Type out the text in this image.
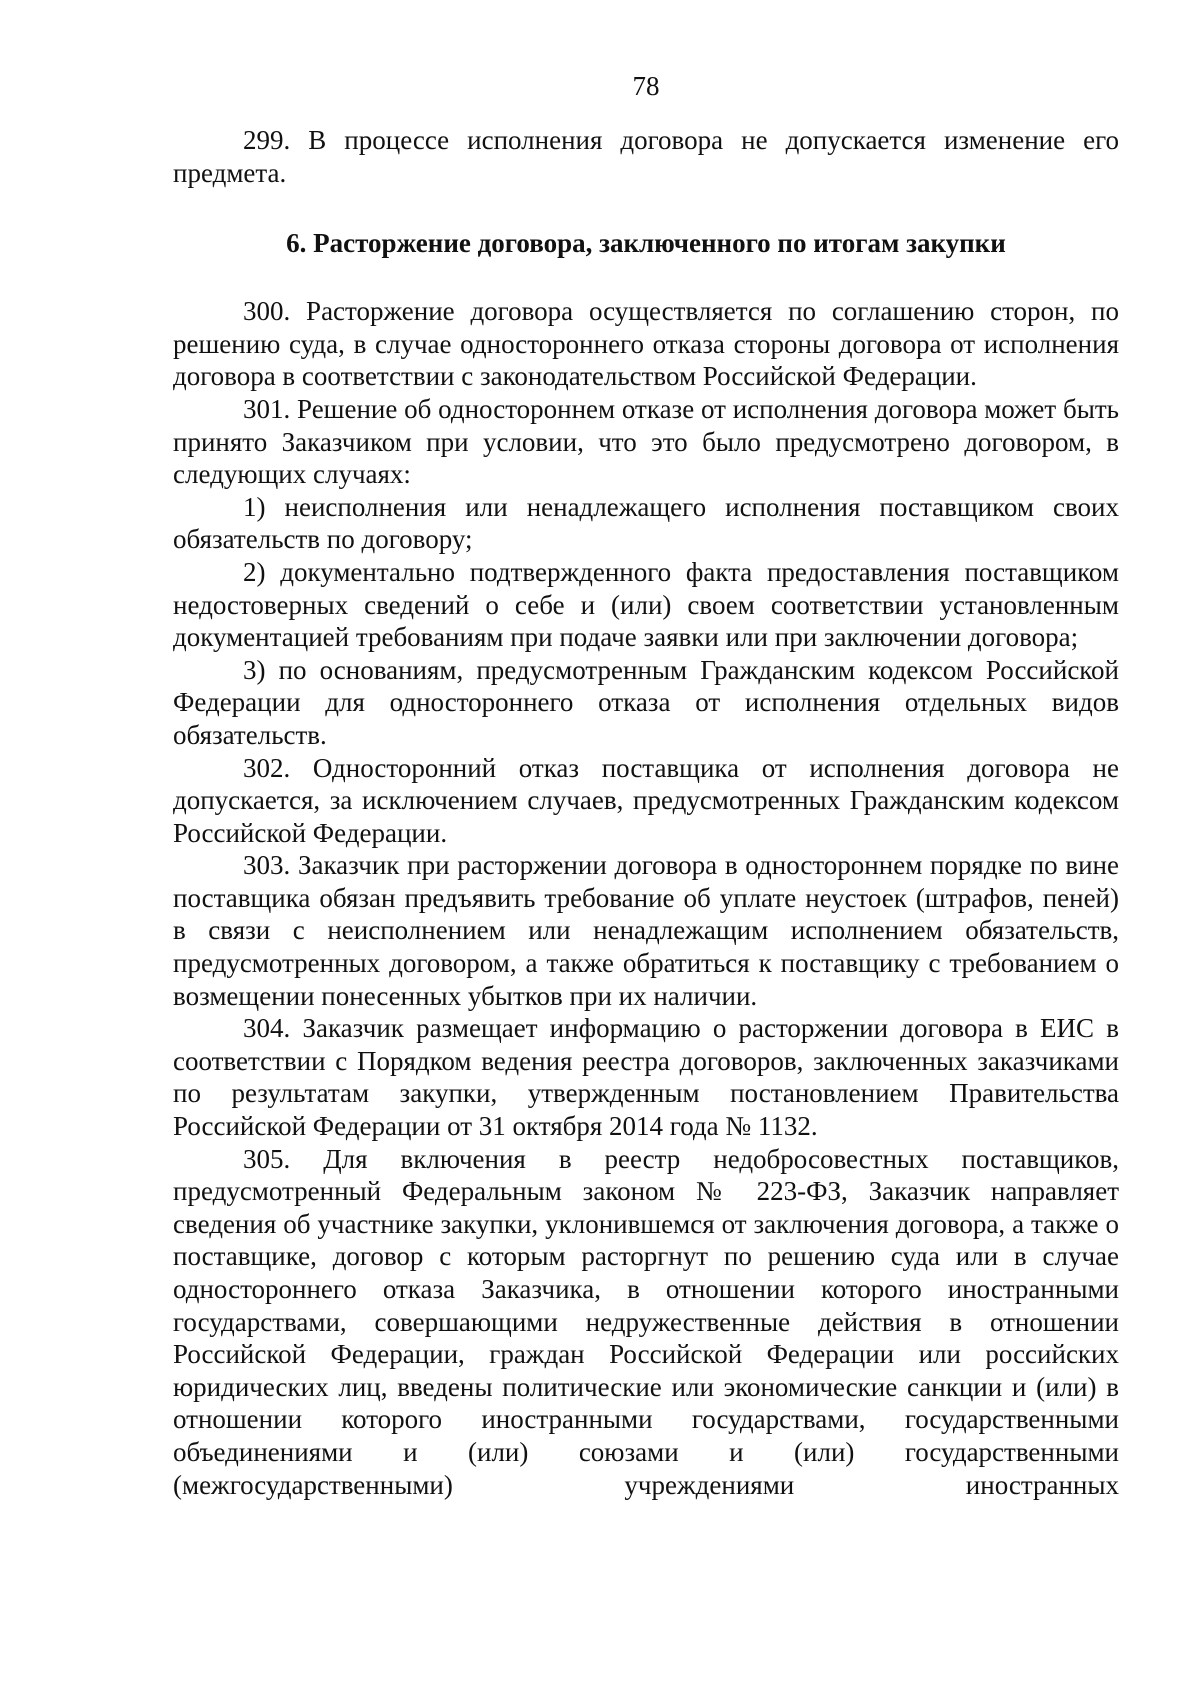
78

299. В процессе исполнения договора не допускается изменение его предмета.

6. Расторжение договора, заключенного по итогам закупки

300. Расторжение договора осуществляется по соглашению сторон, по решению суда, в случае одностороннего отказа стороны договора от исполнения договора в соответствии с законодательством Российской Федерации.

301. Решение об одностороннем отказе от исполнения договора может быть принято Заказчиком при условии, что это было предусмотрено договором, в следующих случаях:

1) неисполнения или ненадлежащего исполнения поставщиком своих обязательств по договору;

2) документально подтвержденного факта предоставления поставщиком недостоверных сведений о себе и (или) своем соответствии установленным документацией требованиям при подаче заявки или при заключении договора;

3) по основаниям, предусмотренным Гражданским кодексом Российской Федерации для одностороннего отказа от исполнения отдельных видов обязательств.

302. Односторонний отказ поставщика от исполнения договора не допускается, за исключением случаев, предусмотренных Гражданским кодексом Российской Федерации.

303. Заказчик при расторжении договора в одностороннем порядке по вине поставщика обязан предъявить требование об уплате неустоек (штрафов, пеней) в связи с неисполнением или ненадлежащим исполнением обязательств, предусмотренных договором, а также обратиться к поставщику с требованием о возмещении понесенных убытков при их наличии.

304. Заказчик размещает информацию о расторжении договора в ЕИС в соответствии с Порядком ведения реестра договоров, заключенных заказчиками по результатам закупки, утвержденным постановлением Правительства Российской Федерации от 31 октября 2014 года № 1132.

305. Для включения в реестр недобросовестных поставщиков, предусмотренный Федеральным законом № 223-ФЗ, Заказчик направляет сведения об участнике закупки, уклонившемся от заключения договора, а также о поставщике, договор с которым расторгнут по решению суда или в случае одностороннего отказа Заказчика, в отношении которого иностранными государствами, совершающими недружественные действия в отношении Российской Федерации, граждан Российской Федерации или российских юридических лиц, введены политические или экономические санкции и (или) в отношении которого иностранными государствами, государственными объединениями и (или) союзами и (или) государственными (межгосударственными) учреждениями иностранных
